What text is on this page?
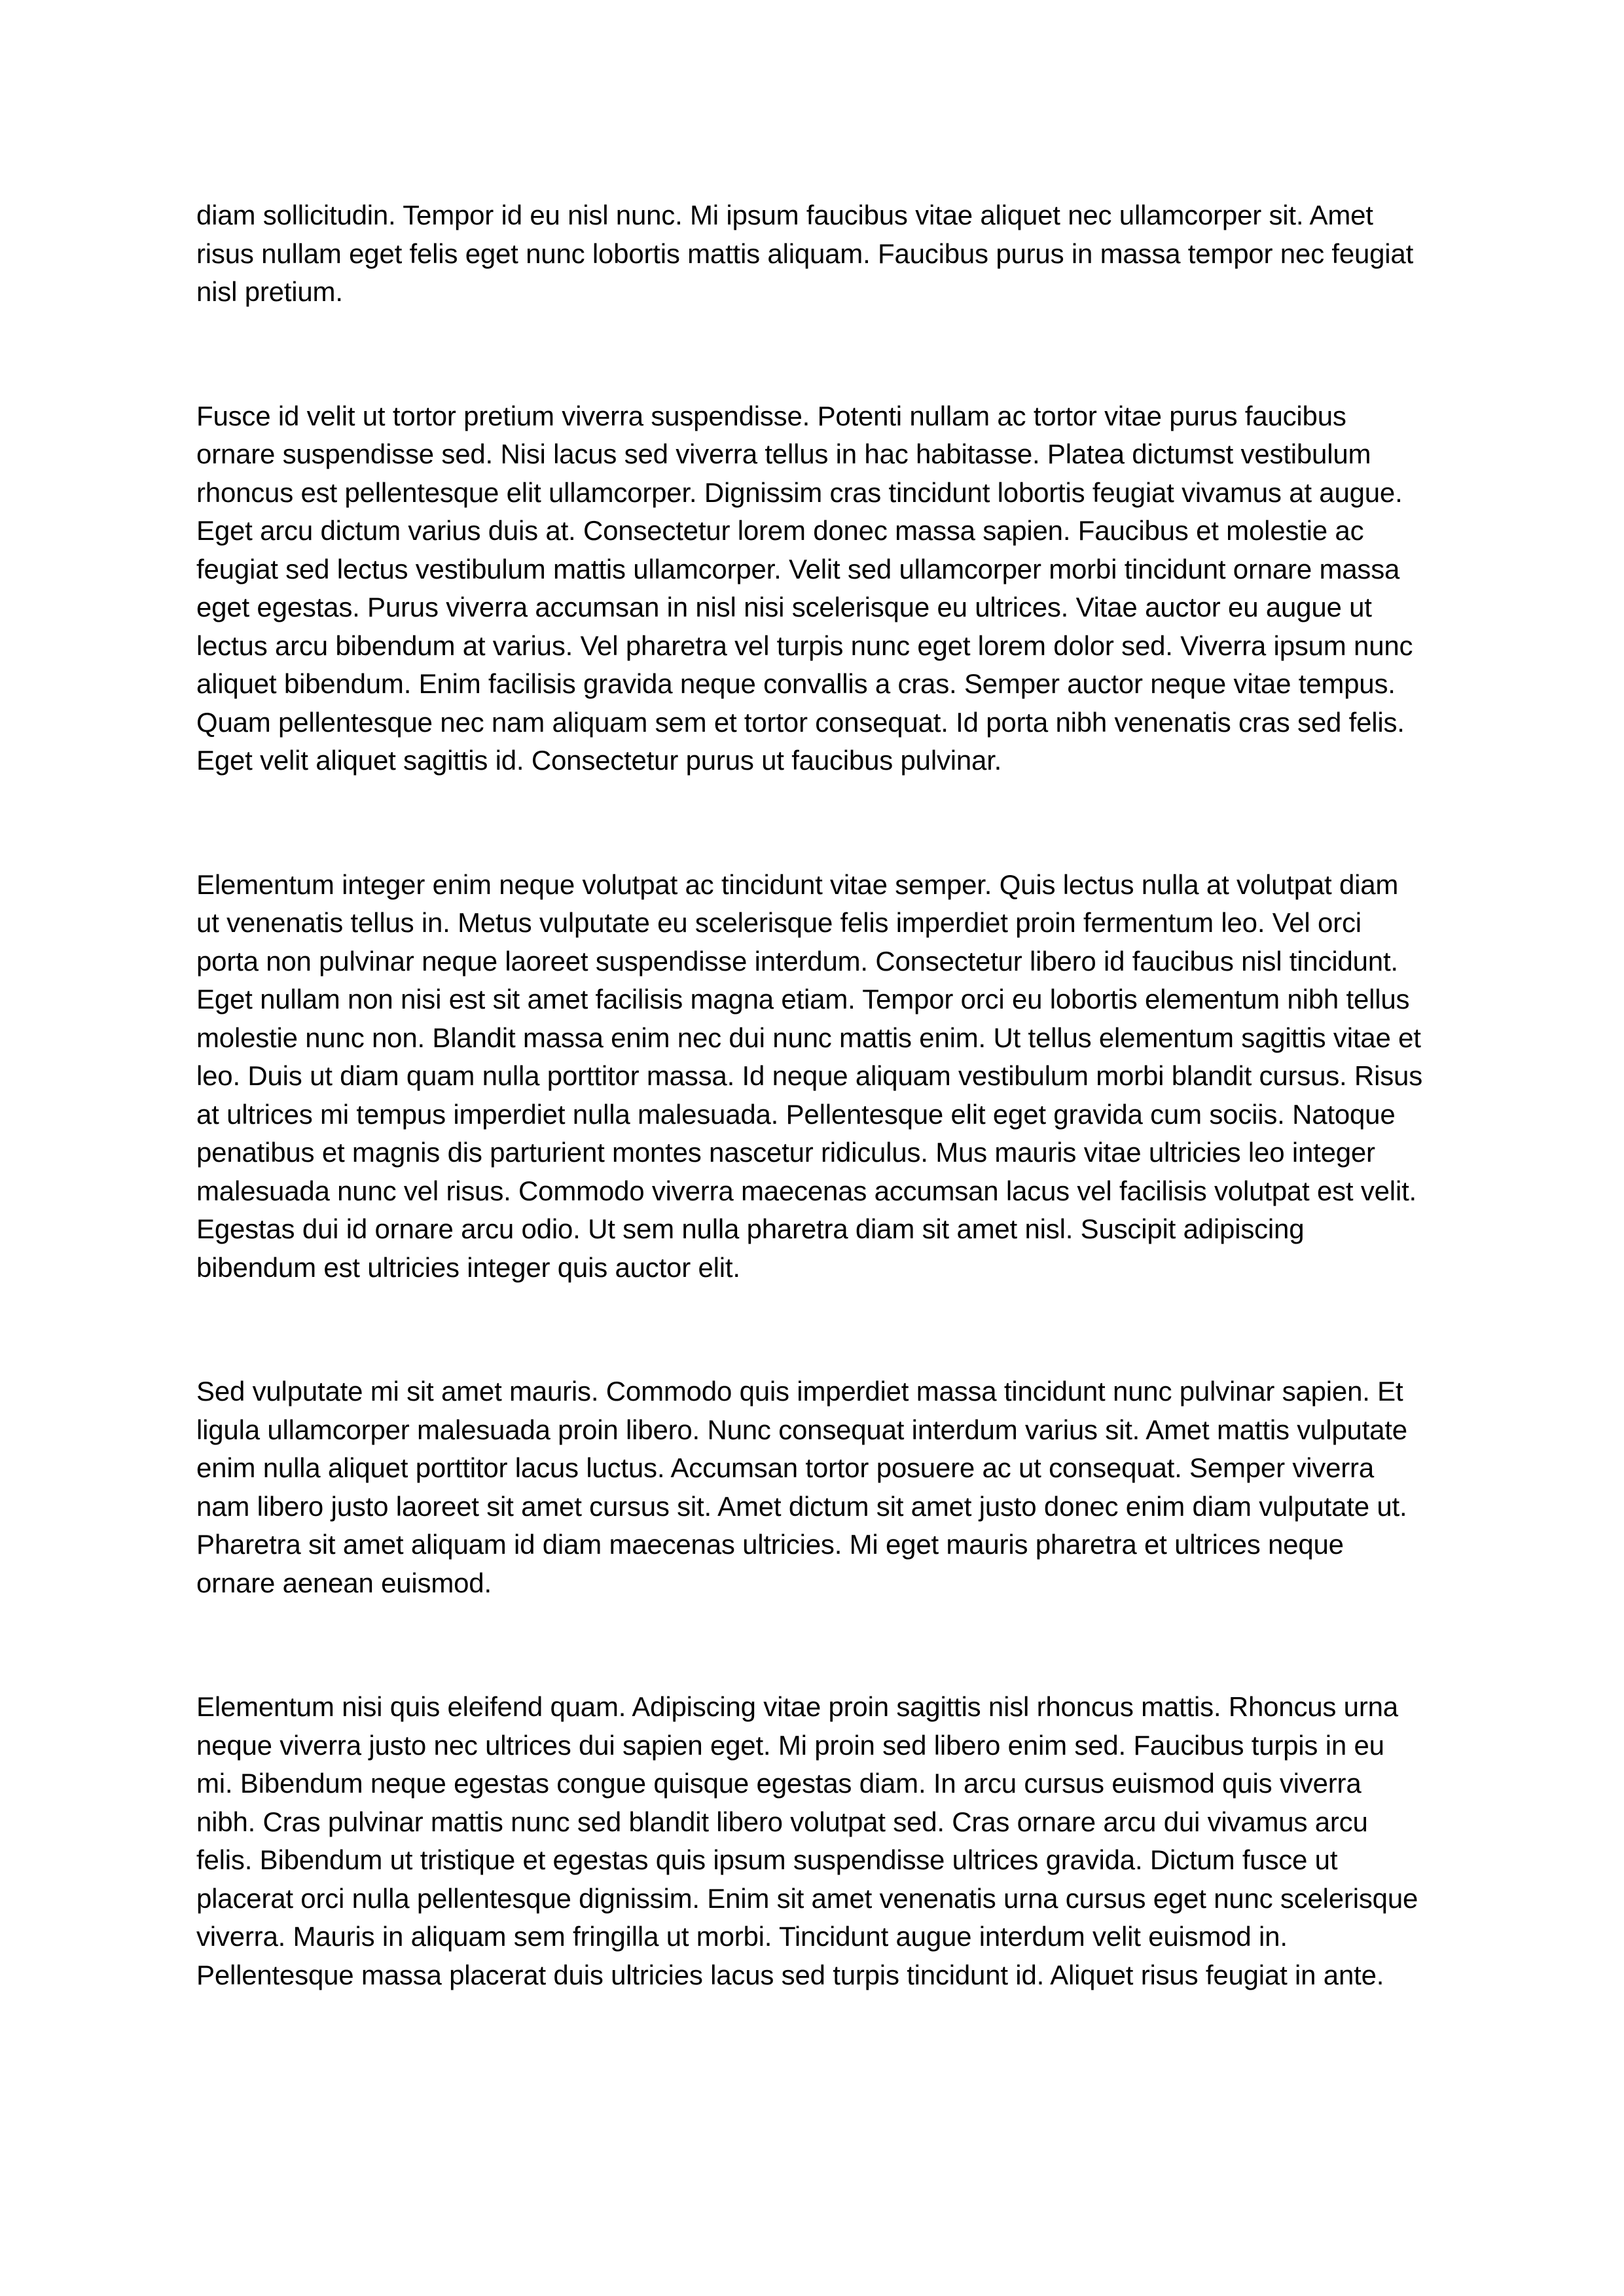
diam sollicitudin. Tempor id eu nisl nunc. Mi ipsum faucibus vitae aliquet nec ullamcorper sit. Amet risus nullam eget felis eget nunc lobortis mattis aliquam. Faucibus purus in massa tempor nec feugiat nisl pretium.

Fusce id velit ut tortor pretium viverra suspendisse. Potenti nullam ac tortor vitae purus faucibus ornare suspendisse sed. Nisi lacus sed viverra tellus in hac habitasse. Platea dictumst vestibulum rhoncus est pellentesque elit ullamcorper. Dignissim cras tincidunt lobortis feugiat vivamus at augue. Eget arcu dictum varius duis at. Consectetur lorem donec massa sapien. Faucibus et molestie ac feugiat sed lectus vestibulum mattis ullamcorper. Velit sed ullamcorper morbi tincidunt ornare massa eget egestas. Purus viverra accumsan in nisl nisi scelerisque eu ultrices. Vitae auctor eu augue ut lectus arcu bibendum at varius. Vel pharetra vel turpis nunc eget lorem dolor sed. Viverra ipsum nunc aliquet bibendum. Enim facilisis gravida neque convallis a cras. Semper auctor neque vitae tempus. Quam pellentesque nec nam aliquam sem et tortor consequat. Id porta nibh venenatis cras sed felis. Eget velit aliquet sagittis id. Consectetur purus ut faucibus pulvinar.

Elementum integer enim neque volutpat ac tincidunt vitae semper. Quis lectus nulla at volutpat diam ut venenatis tellus in. Metus vulputate eu scelerisque felis imperdiet proin fermentum leo. Vel orci porta non pulvinar neque laoreet suspendisse interdum. Consectetur libero id faucibus nisl tincidunt. Eget nullam non nisi est sit amet facilisis magna etiam. Tempor orci eu lobortis elementum nibh tellus molestie nunc non. Blandit massa enim nec dui nunc mattis enim. Ut tellus elementum sagittis vitae et leo. Duis ut diam quam nulla porttitor massa. Id neque aliquam vestibulum morbi blandit cursus. Risus at ultrices mi tempus imperdiet nulla malesuada. Pellentesque elit eget gravida cum sociis. Natoque penatibus et magnis dis parturient montes nascetur ridiculus. Mus mauris vitae ultricies leo integer malesuada nunc vel risus. Commodo viverra maecenas accumsan lacus vel facilisis volutpat est velit. Egestas dui id ornare arcu odio. Ut sem nulla pharetra diam sit amet nisl. Suscipit adipiscing bibendum est ultricies integer quis auctor elit.

Sed vulputate mi sit amet mauris. Commodo quis imperdiet massa tincidunt nunc pulvinar sapien. Et ligula ullamcorper malesuada proin libero. Nunc consequat interdum varius sit. Amet mattis vulputate enim nulla aliquet porttitor lacus luctus. Accumsan tortor posuere ac ut consequat. Semper viverra nam libero justo laoreet sit amet cursus sit. Amet dictum sit amet justo donec enim diam vulputate ut. Pharetra sit amet aliquam id diam maecenas ultricies. Mi eget mauris pharetra et ultrices neque ornare aenean euismod.

Elementum nisi quis eleifend quam. Adipiscing vitae proin sagittis nisl rhoncus mattis. Rhoncus urna neque viverra justo nec ultrices dui sapien eget. Mi proin sed libero enim sed. Faucibus turpis in eu mi. Bibendum neque egestas congue quisque egestas diam. In arcu cursus euismod quis viverra nibh. Cras pulvinar mattis nunc sed blandit libero volutpat sed. Cras ornare arcu dui vivamus arcu felis. Bibendum ut tristique et egestas quis ipsum suspendisse ultrices gravida. Dictum fusce ut placerat orci nulla pellentesque dignissim. Enim sit amet venenatis urna cursus eget nunc scelerisque viverra. Mauris in aliquam sem fringilla ut morbi. Tincidunt augue interdum velit euismod in. Pellentesque massa placerat duis ultricies lacus sed turpis tincidunt id. Aliquet risus feugiat in ante.
